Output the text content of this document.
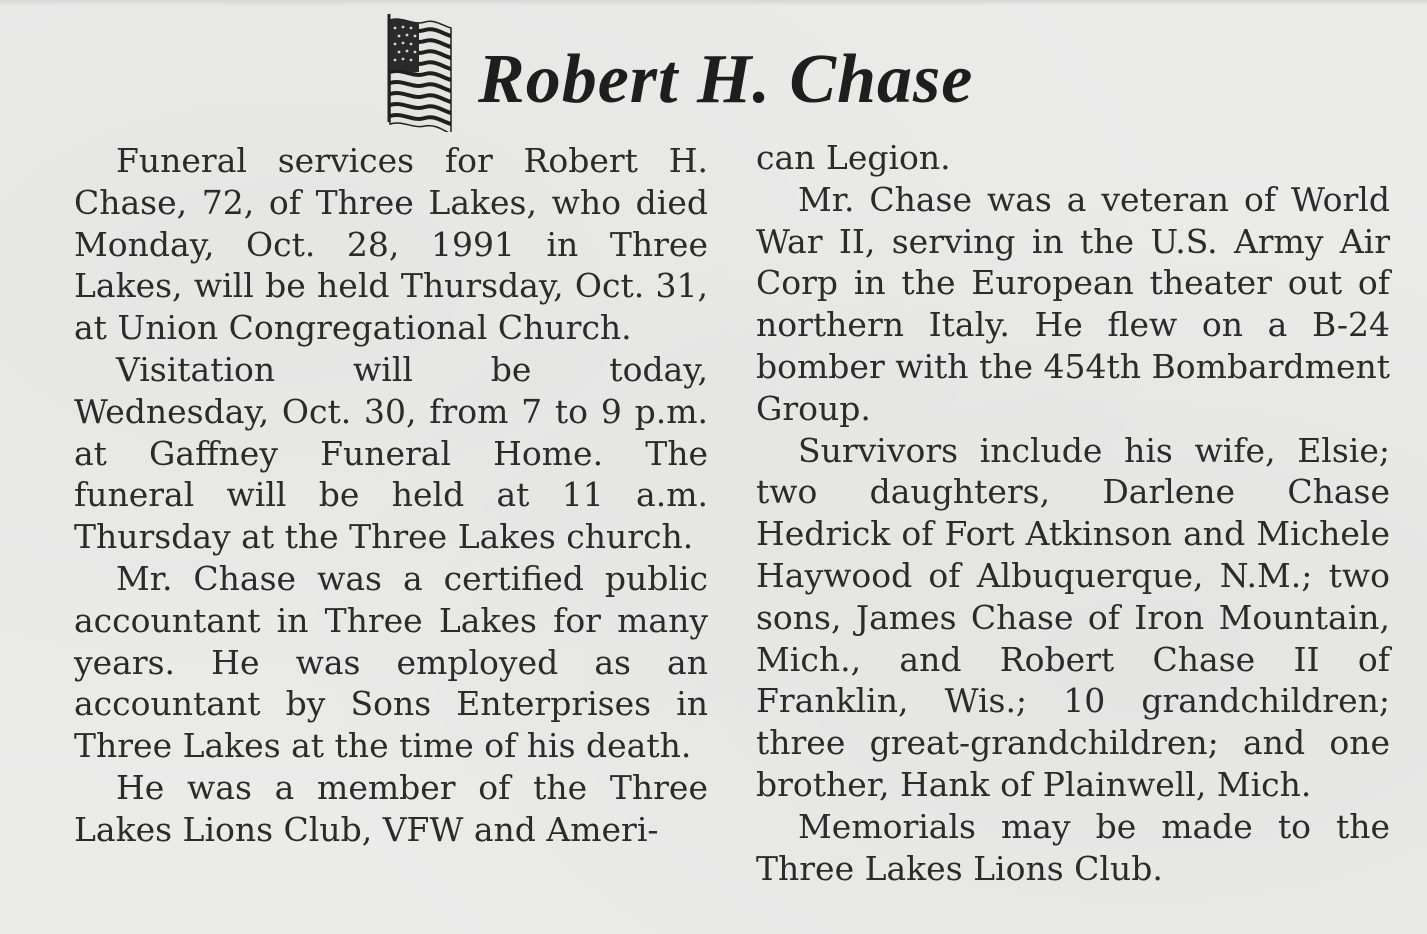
Robert H. Chase

Funeral services for Robert H. Chase, 72, of Three Lakes, who died Monday, Oct. 28, 1991 in Three Lakes, will be held Thursday, Oct. 31, at Union Congregational Church.

Visitation will be today, Wednesday, Oct. 30, from 7 to 9 p.m. at Gaffney Funeral Home. The funeral will be held at 11 a.m. Thursday at the Three Lakes church.

Mr. Chase was a certified public accountant in Three Lakes for many years. He was employed as an accountant by Sons Enterprises in Three Lakes at the time of his death.

He was a member of the Three Lakes Lions Club, VFW and Ameri-

can Legion.

Mr. Chase was a veteran of World War II, serving in the U.S. Army Air Corp in the European theater out of northern Italy. He flew on a B-24 bomber with the 454th Bombardment Group.

Survivors include his wife, Elsie; two daughters, Darlene Chase Hedrick of Fort Atkinson and Michele Haywood of Albuquerque, N.M.; two sons, James Chase of Iron Mountain, Mich., and Robert Chase II of Franklin, Wis.; 10 grandchildren; three great-grandchildren; and one brother, Hank of Plainwell, Mich.

Memorials may be made to the Three Lakes Lions Club.
